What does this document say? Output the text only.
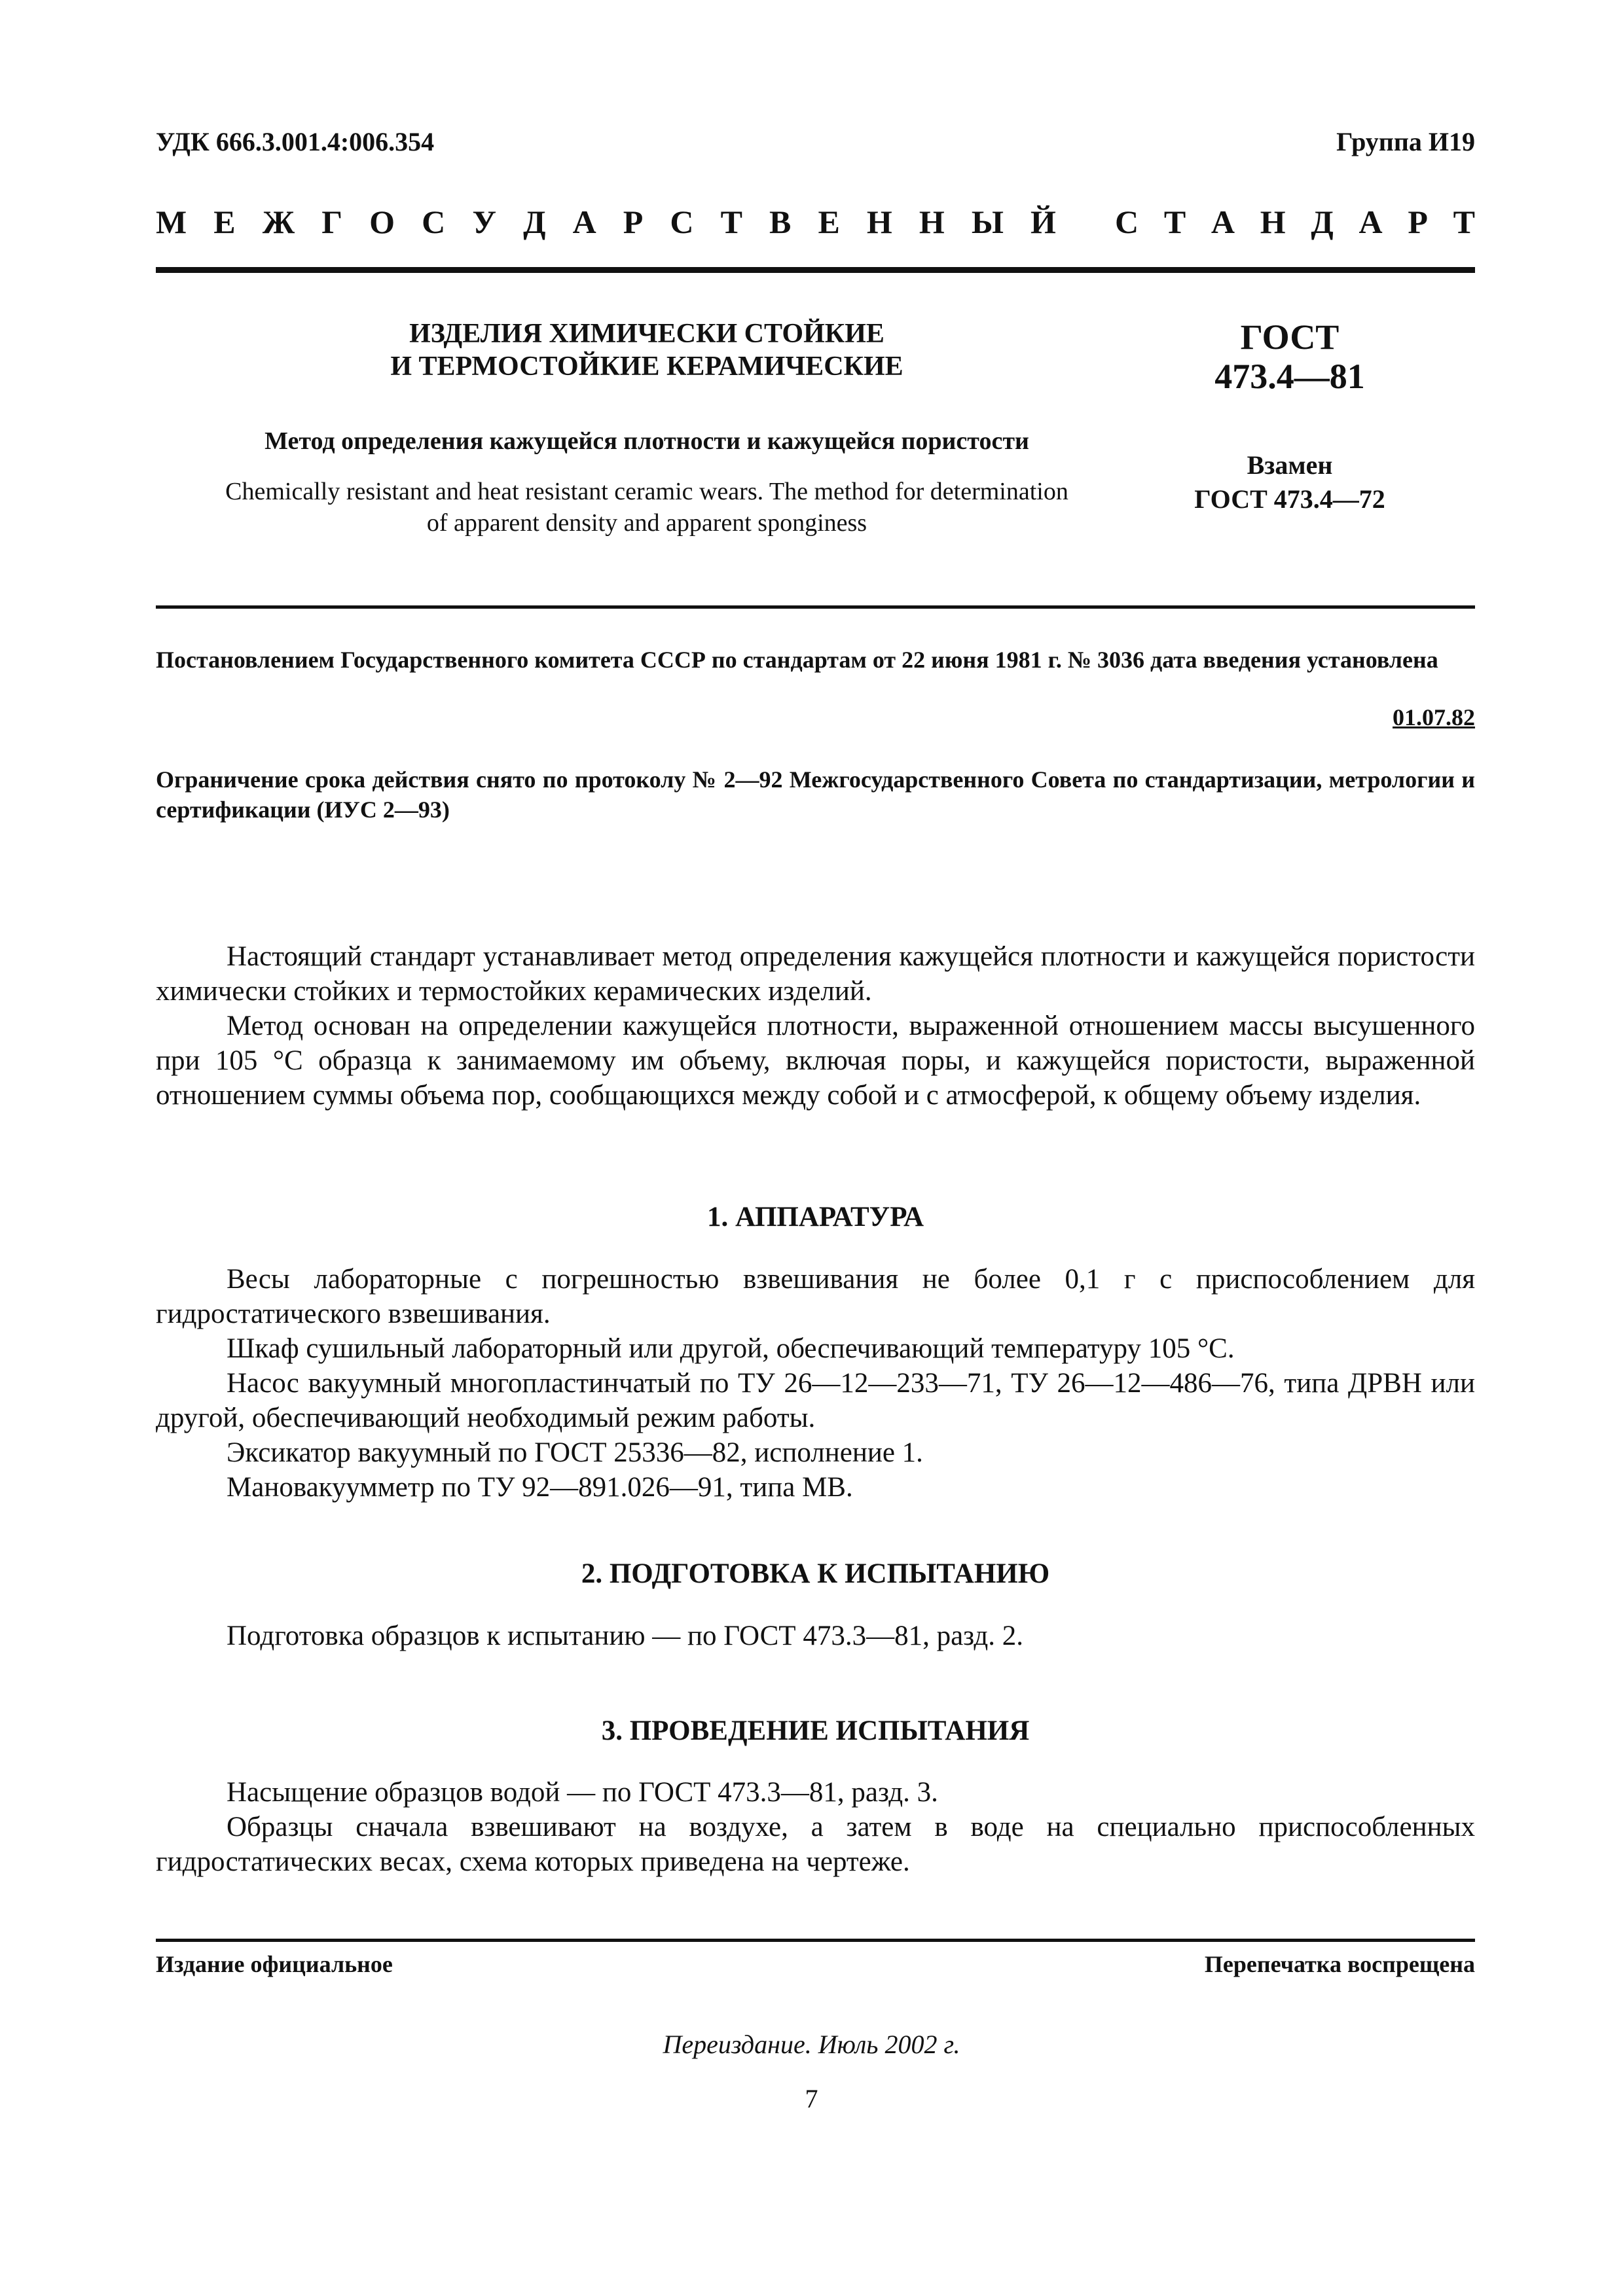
УДК 666.3.001.4:006.354	Группа И19
М Е Ж Г О С У Д А Р С Т В Е Н Н Ы Й С Т А Н Д А Р Т
ИЗДЕЛИЯ ХИМИЧЕСКИ СТОЙКИЕ
И ТЕРМОСТОЙКИЕ КЕРАМИЧЕСКИЕ
Метод определения кажущейся плотности и кажущейся пористости
Chemically resistant and heat resistant ceramic wears. The method for determination
of apparent density and apparent sponginess
ГОСТ
473.4—81
Взамен
ГОСТ 473.4—72
Постановлением Государственного комитета СССР по стандартам от 22 июня 1981 г. № 3036 дата введения установлена
01.07.82
Ограничение срока действия снято по протоколу № 2—92 Межгосударственного Совета по стандартизации, метрологии и сертификации (ИУС 2—93)

Настоящий стандарт устанавливает метод определения кажущейся плотности и кажущейся пористости химически стойких и термостойких керамических изделий.

Метод основан на определении кажущейся плотности, выраженной отношением массы высушенного при 105 °С образца к занимаемому им объему, включая поры, и кажущейся пористости, выраженной отношением суммы объема пор, сообщающихся между собой и с атмосферой, к общему объему изделия.

1. АППАРАТУРА

Весы лабораторные с погрешностью взвешивания не более 0,1 г с приспособлением для гидростатического взвешивания.

Шкаф сушильный лабораторный или другой, обеспечивающий температуру 105 °С.

Насос вакуумный многопластинчатый по ТУ 26—12—233—71, ТУ 26—12—486—76, типа ДРВН или другой, обеспечивающий необходимый режим работы.

Эксикатор вакуумный по ГОСТ 25336—82, исполнение 1.

Мановакуумметр по ТУ 92—891.026—91, типа МВ.

2. ПОДГОТОВКА К ИСПЫТАНИЮ

Подготовка образцов к испытанию — по ГОСТ 473.3—81, разд. 2.

3. ПРОВЕДЕНИЕ ИСПЫТАНИЯ

Насыщение образцов водой — по ГОСТ 473.3—81, разд. 3.

Образцы сначала взвешивают на воздухе, а затем в воде на специально приспособленных гидростатических весах, схема которых приведена на чертеже.

Издание официальное	Перепечатка воспрещена
Переиздание. Июль 2002 г.
7
